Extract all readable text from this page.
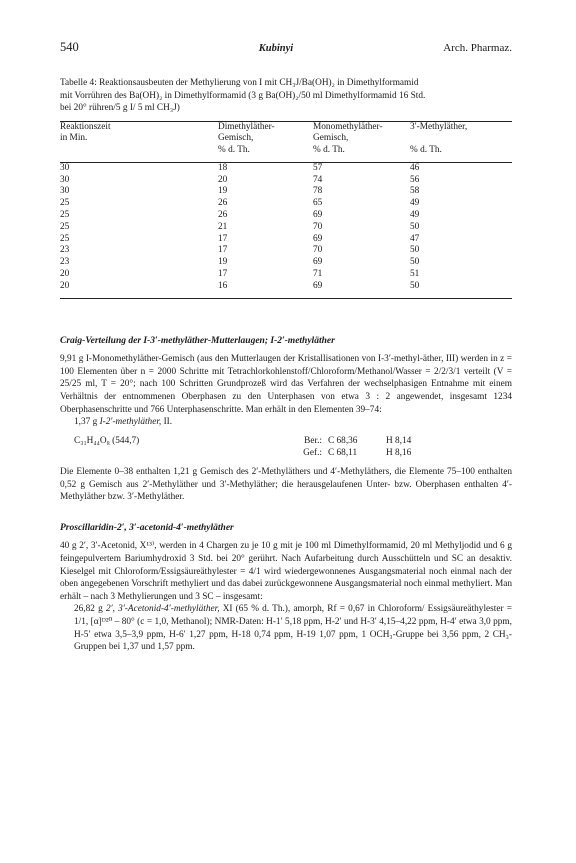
540	Kubinyi	Arch. Pharmaz.
Tabelle 4: Reaktionsausbeuten der Methylierung von I mit CH₃J/Ba(OH)₂ in Dimethylformamid
mit Vorrühren des Ba(OH)₂ in Dimethylformamid (3 g Ba(OH)₂/50 ml Dimethylformamid 16 Std.
bei 20° rühren/5 g I/ 5 ml CH₃J)
Reaktionszeit	Dimethyläther-	Monomethyläther-	3′-Methyläther,
in Min.	Gemisch,	Gemisch,	
	% d. Th.	% d. Th.	% d. Th.
30	18	57	46
30	20	74	56
30	19	78	58
25	26	65	49
25	26	69	49
25	21	70	50
25	17	69	47
23	17	70	50
23	19	69	50
20	17	71	51
20	16	69	50
Craig-Verteilung der I-3′-methyläther-Mutterlaugen; I-2′-methyläther

9,91 g I-Monomethyläther-Gemisch (aus den Mutterlaugen der Kristallisationen von I-3′-methyl-äther, III) werden in z = 100 Elementen über n = 2000 Schritte mit Tetrachlorkohlenstoff/Chloroform/Methanol/Wasser = 2/2/3/1 verteilt (V = 25/25 ml, T = 20°; nach 100 Schritten Grundprozeß wird das Verfahren der wechselphasigen Entnahme mit einem Verhältnis der entnommenen Oberphasen zu den Unterphasen von etwa 3 : 2 angewendet, insgesamt 1234 Oberphasenschritte und 766 Unterphasenschritte. Man erhält in den Elementen 39–74:

1,37 g I-2′-methyläther, II.
C₃₁H₄₄O₈ (544,7)	Ber.: C 68,36	H 8,14
Gef.: C 68,11	H 8,16

Die Elemente 0–38 enthalten 1,21 g Gemisch des 2′-Methyläthers und 4′-Methyläthers, die Elemente 75–100 enthalten 0,52 g Gemisch aus 2′-Methyläther und 3′-Methyläther; die herausgelaufenen Unter- bzw. Oberphasen enthalten 4′-Methyläther bzw. 3′-Methyläther.

Proscillaridin-2′, 3′-acetonid-4′-methyläther

40 g 2′, 3′-Acetonid, X¹³⁾, werden in 4 Chargen zu je 10 g mit je 100 ml Dimethylformamid, 20 ml Methyljodid und 6 g feingepulvertem Bariumhydroxid 3 Std. bei 20° gerührt. Nach Aufarbeitung durch Ausschütteln und SC an desaktiv. Kieselgel mit Chloroform/Essigsäureäthylester = 4/1 wird wiedergewonnenes Ausgangsmaterial noch einmal nach der oben angegebenen Vorschrift methyliert und das dabei zurückgewonnene Ausgangsmaterial noch einmal methyliert. Man erhält – nach 3 Methylierungen und 3 SC – insgesamt:

26,82 g 2′, 3′-Acetonid-4′-methyläther, XI (65 % d. Th.), amorph, Rf = 0,67 in Chloroform/ Essigsäureäthylester = 1/1, [α]ᴰ²⁰ – 80° (c = 1,0, Methanol); NMR-Daten: H-1′ 5,18 ppm, H-2′ und H-3′ 4,15–4,22 ppm, H-4′ etwa 3,0 ppm, H-5′ etwa 3,5–3,9 ppm, H-6′ 1,27 ppm, H-18 0,74 ppm, H-19 1,07 ppm, 1 OCH₃-Gruppe bei 3,56 ppm, 2 CH₃-Gruppen bei 1,37 und 1,57 ppm.
